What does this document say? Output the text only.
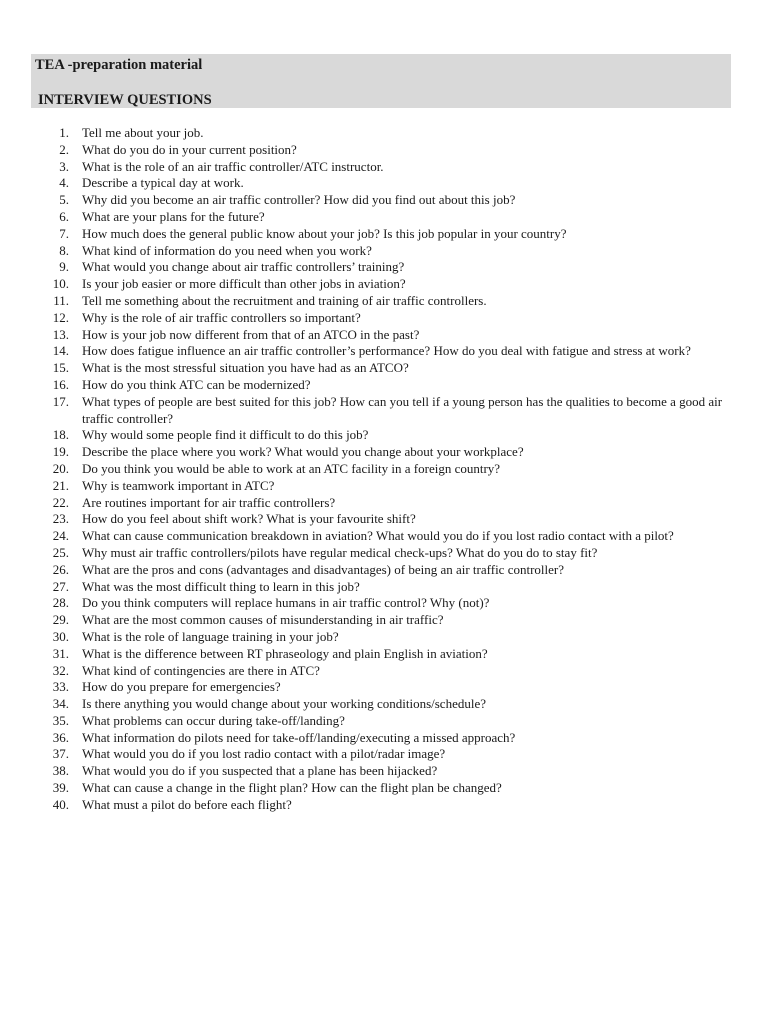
TEA -preparation material
INTERVIEW QUESTIONS
1. Tell me about your job.
2. What do you do in your current position?
3. What is the role of an air traffic controller/ATC instructor.
4. Describe a typical day at work.
5. Why did you become an air traffic controller? How did you find out about this job?
6. What are your plans for the future?
7. How much does the general public know about your job? Is this job popular in your country?
8. What kind of information do you need when you work?
9. What would you change about air traffic controllers’ training?
10. Is your job easier or more difficult than other jobs in aviation?
11. Tell me something about the recruitment and training of air traffic controllers.
12. Why is the role of air traffic controllers so important?
13. How is your job now different from that of an ATCO in the past?
14. How does fatigue influence an air traffic controller’s performance? How do you deal with fatigue and stress at work?
15. What is the most stressful situation you have had as an ATCO?
16. How do you think ATC can be modernized?
17. What types of people are best suited for this job? How can you tell if a young person has the qualities to become a good air traffic controller?
18. Why would some people find it difficult to do this job?
19. Describe the place where you work? What would you change about your workplace?
20. Do you think you would be able to work at an ATC facility in a foreign country?
21. Why is teamwork important in ATC?
22. Are routines important for air traffic controllers?
23. How do you feel about shift work? What is your favourite shift?
24. What can cause communication breakdown in aviation? What would you do if you lost radio contact with a pilot?
25. Why must air traffic controllers/pilots have regular medical check-ups? What do you do to stay fit?
26. What are the pros and cons (advantages and disadvantages) of being an air traffic controller?
27. What was the most difficult thing to learn in this job?
28. Do you think computers will replace humans in air traffic control? Why (not)?
29. What are the most common causes of misunderstanding in air traffic?
30. What is the role of language training in your job?
31. What is the difference between RT phraseology and plain English in aviation?
32. What kind of contingencies are there in ATC?
33. How do you prepare for emergencies?
34. Is there anything you would change about your working conditions/schedule?
35. What problems can occur during take-off/landing?
36. What information do pilots need for take-off/landing/executing a missed approach?
37. What would you do if you lost radio contact with a pilot/radar image?
38. What would you do if you suspected that a plane has been hijacked?
39. What can cause a change in the flight plan? How can the flight plan be changed?
40. What must a pilot do before each flight?
